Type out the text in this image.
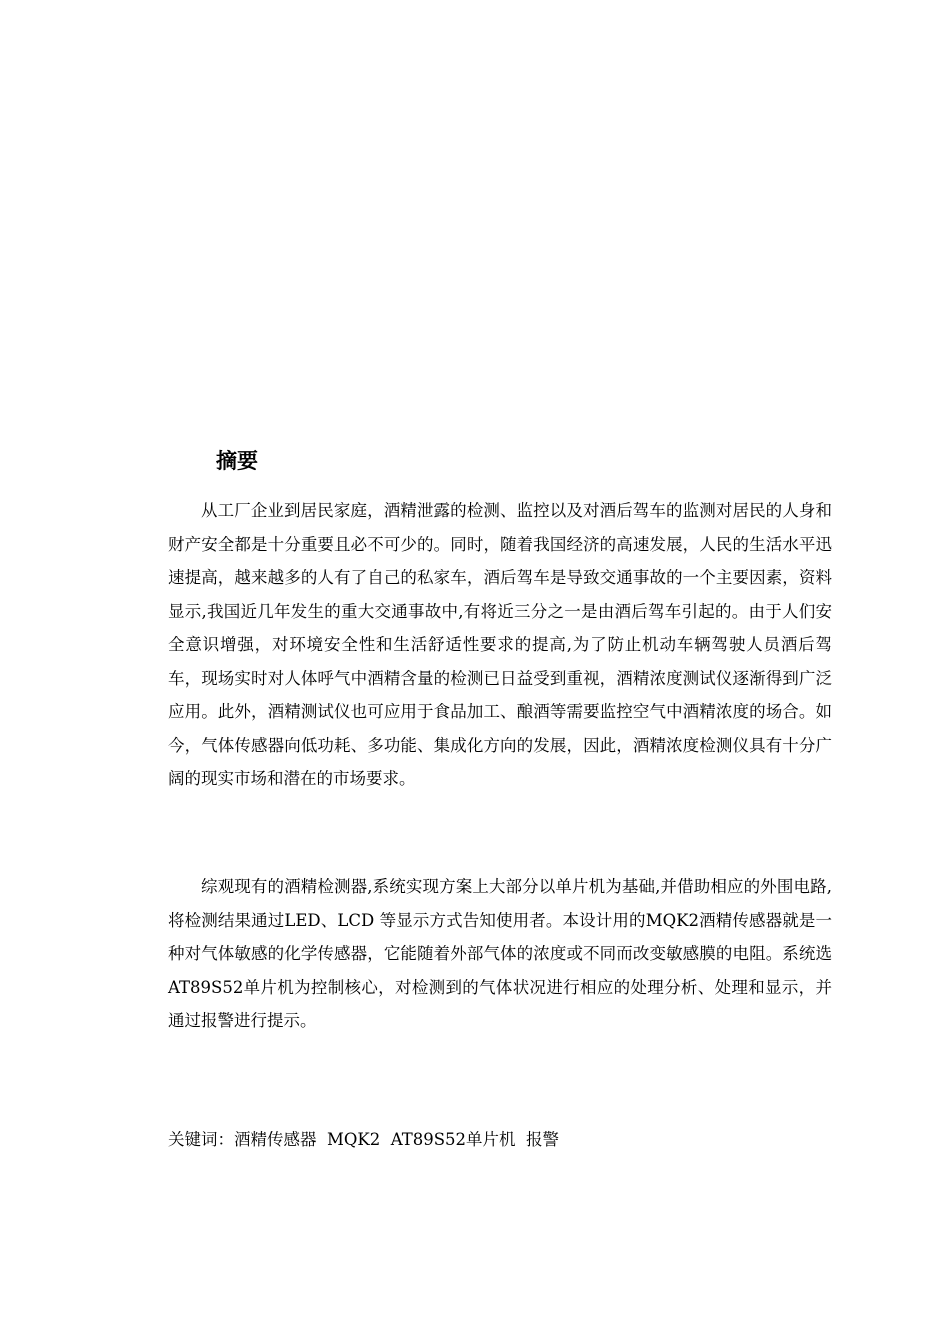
摘要

从工厂企业到居民家庭，酒精泄露的检测、监控以及对酒后驾车的监测对居民的人身和财产安全都是十分重要且必不可少的。同时，随着我国经济的高速发展，人民的生活水平迅速提高，越来越多的人有了自己的私家车，酒后驾车是导致交通事故的一个主要因素，资料显示,我国近几年发生的重大交通事故中,有将近三分之一是由酒后驾车引起的。由于人们安全意识增强，对环境安全性和生活舒适性要求的提高,为了防止机动车辆驾驶人员酒后驾车，现场实时对人体呼气中酒精含量的检测已日益受到重视，酒精浓度测试仪逐渐得到广泛应用。此外，酒精测试仪也可应用于食品加工、酿酒等需要监控空气中酒精浓度的场合。如今，气体传感器向低功耗、多功能、集成化方向的发展，因此，酒精浓度检测仪具有十分广阔的现实市场和潜在的市场要求。

综观现有的酒精检测器,系统实现方案上大部分以单片机为基础,并借助相应的外围电路,将检测结果通过LED、LCD 等显示方式告知使用者。本设计用的MQK2酒精传感器就是一种对气体敏感的化学传感器，它能随着外部气体的浓度或不同而改变敏感膜的电阻。系统选AT89S52单片机为控制核心，对检测到的气体状况进行相应的处理分析、处理和显示，并通过报警进行提示。

关键词：酒精传感器  MQK2  AT89S52单片机  报警
